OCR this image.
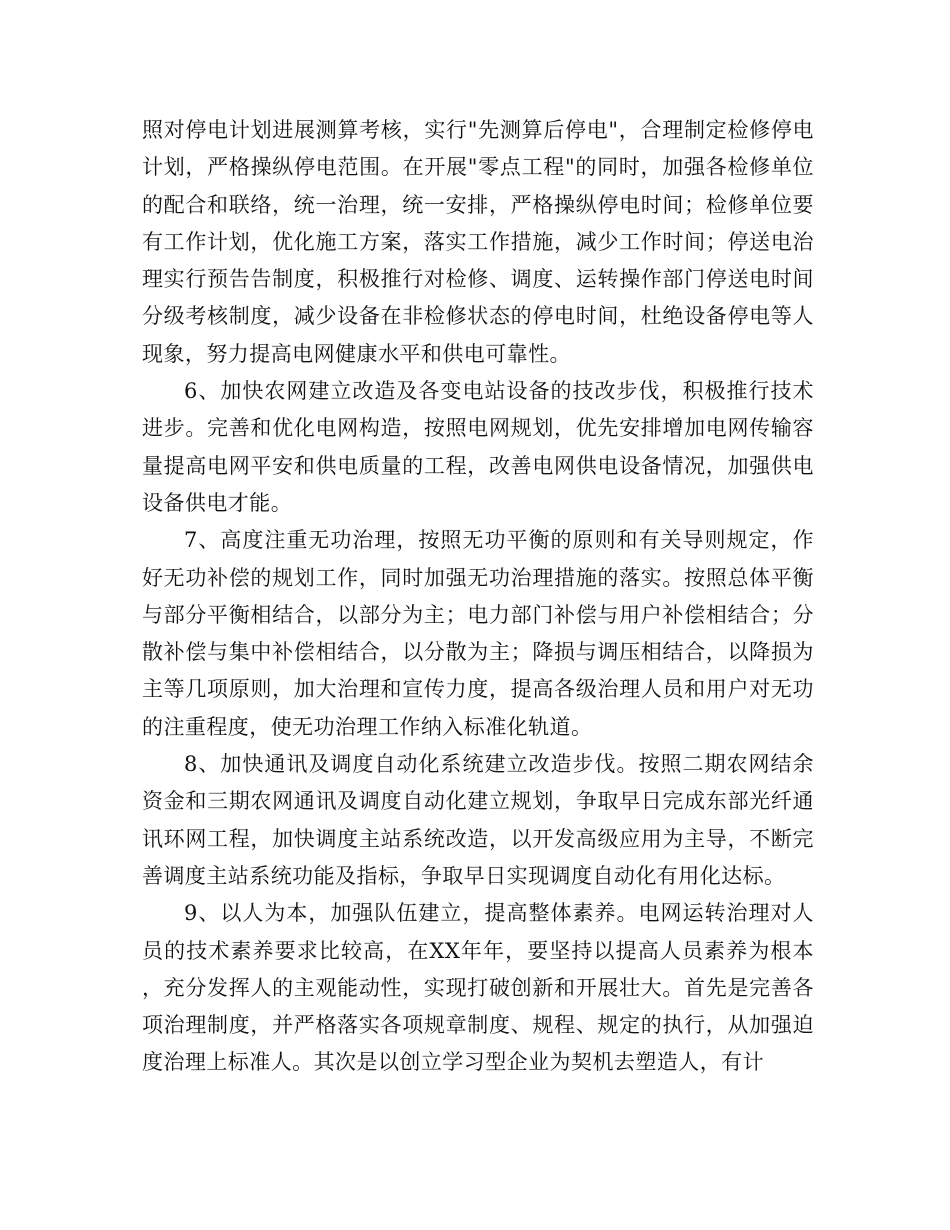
照对停电计划进展测算考核，实行"先测算后停电"，合理制定检修停电计划，严格操纵停电范围。在开展"零点工程"的同时，加强各检修单位的配合和联络，统一治理，统一安排，严格操纵停电时间；检修单位要有工作计划，优化施工方案，落实工作措施，减少工作时间；停送电治理实行预告告制度，积极推行对检修、调度、运转操作部门停送电时间分级考核制度，减少设备在非检修状态的停电时间，杜绝设备停电等人现象，努力提高电网健康水平和供电可靠性。

6、加快农网建立改造及各变电站设备的技改步伐，积极推行技术进步。完善和优化电网构造，按照电网规划，优先安排增加电网传输容量提高电网平安和供电质量的工程，改善电网供电设备情况，加强供电设备供电才能。

7、高度注重无功治理，按照无功平衡的原则和有关导则规定，作好无功补偿的规划工作，同时加强无功治理措施的落实。按照总体平衡与部分平衡相结合，以部分为主；电力部门补偿与用户补偿相结合；分散补偿与集中补偿相结合，以分散为主；降损与调压相结合，以降损为主等几项原则，加大治理和宣传力度，提高各级治理人员和用户对无功的注重程度，使无功治理工作纳入标准化轨道。

8、加快通讯及调度自动化系统建立改造步伐。按照二期农网结余资金和三期农网通讯及调度自动化建立规划，争取早日完成东部光纤通讯环网工程，加快调度主站系统改造，以开发高级应用为主导，不断完善调度主站系统功能及指标，争取早日实现调度自动化有用化达标。

9、以人为本，加强队伍建立，提高整体素养。电网运转治理对人员的技术素养要求比较高，在XX年年，要坚持以提高人员素养为根本，充分发挥人的主观能动性，实现打破创新和开展壮大。首先是完善各项治理制度，并严格落实各项规章制度、规程、规定的执行，从加强迫度治理上标准人。其次是以创立学习型企业为契机去塑造人，有计
